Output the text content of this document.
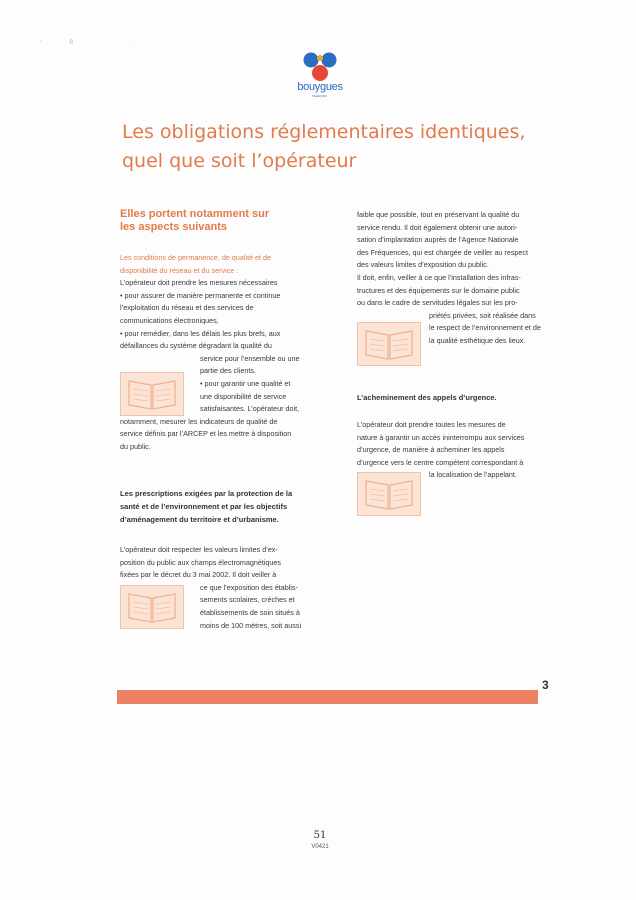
‘B ·
bouygues
TELECOM
Les obligations réglementaires identiques,
quel que soit l’opérateur
Elles portent notamment sur
les aspects suivants

Les conditions de permanence, de qualité et de

disponibilité du réseau et du service :

L’opérateur doit prendre les mesures nécessaires

• pour assurer de manière permanente et continue

l’exploitation du réseau et des services de

communications électroniques,

• pour remédier, dans les délais les plus brefs, aux

défaillances du système dégradant la qualité du

service pour l’ensemble ou une

partie des clients.

• pour garantir une qualité et

une disponibilité de service

satisfaisantes. L’opérateur doit,

notamment, mesurer les indicateurs de qualité de

service définis par l’ARCEP et les mettre à disposition

du public.

Les prescriptions exigées par la protection de la

santé et de l’environnement et par les objectifs

d’aménagement du territoire et d’urbanisme.

L’opérateur doit respecter les valeurs limites d’ex-

position du public aux champs électromagnétiques

fixées par le décret du 3 mai 2002. Il doit veiller à

ce que l’exposition des établis-

sements scolaires, crèches et

établissements de soin situés à

moins de 100 mètres, soit aussi

faible que possible, tout en préservant la qualité du

service rendu. Il doit également obtenir une autori-

sation d’implantation auprès de l’Agence Nationale

des Fréquences, qui est chargée de veiller au respect

des valeurs limites d’exposition du public.

Il doit, enfin, veiller à ce que l’installation des infras-

tructures et des équipements sur le domaine public

ou dans le cadre de servitudes légales sur les pro-

priétés privées, soit réalisée dans

le respect de l’environnement et de

la qualité esthétique des lieux.

L’acheminement des appels d’urgence.

L’opérateur doit prendre toutes les mesures de

nature à garantir un accès ininterrompu aux services

d’urgence, de manière à acheminer les appels

d’urgence vers le centre compétent correspondant à

la localisation de l’appelant.

3
51
V0421
